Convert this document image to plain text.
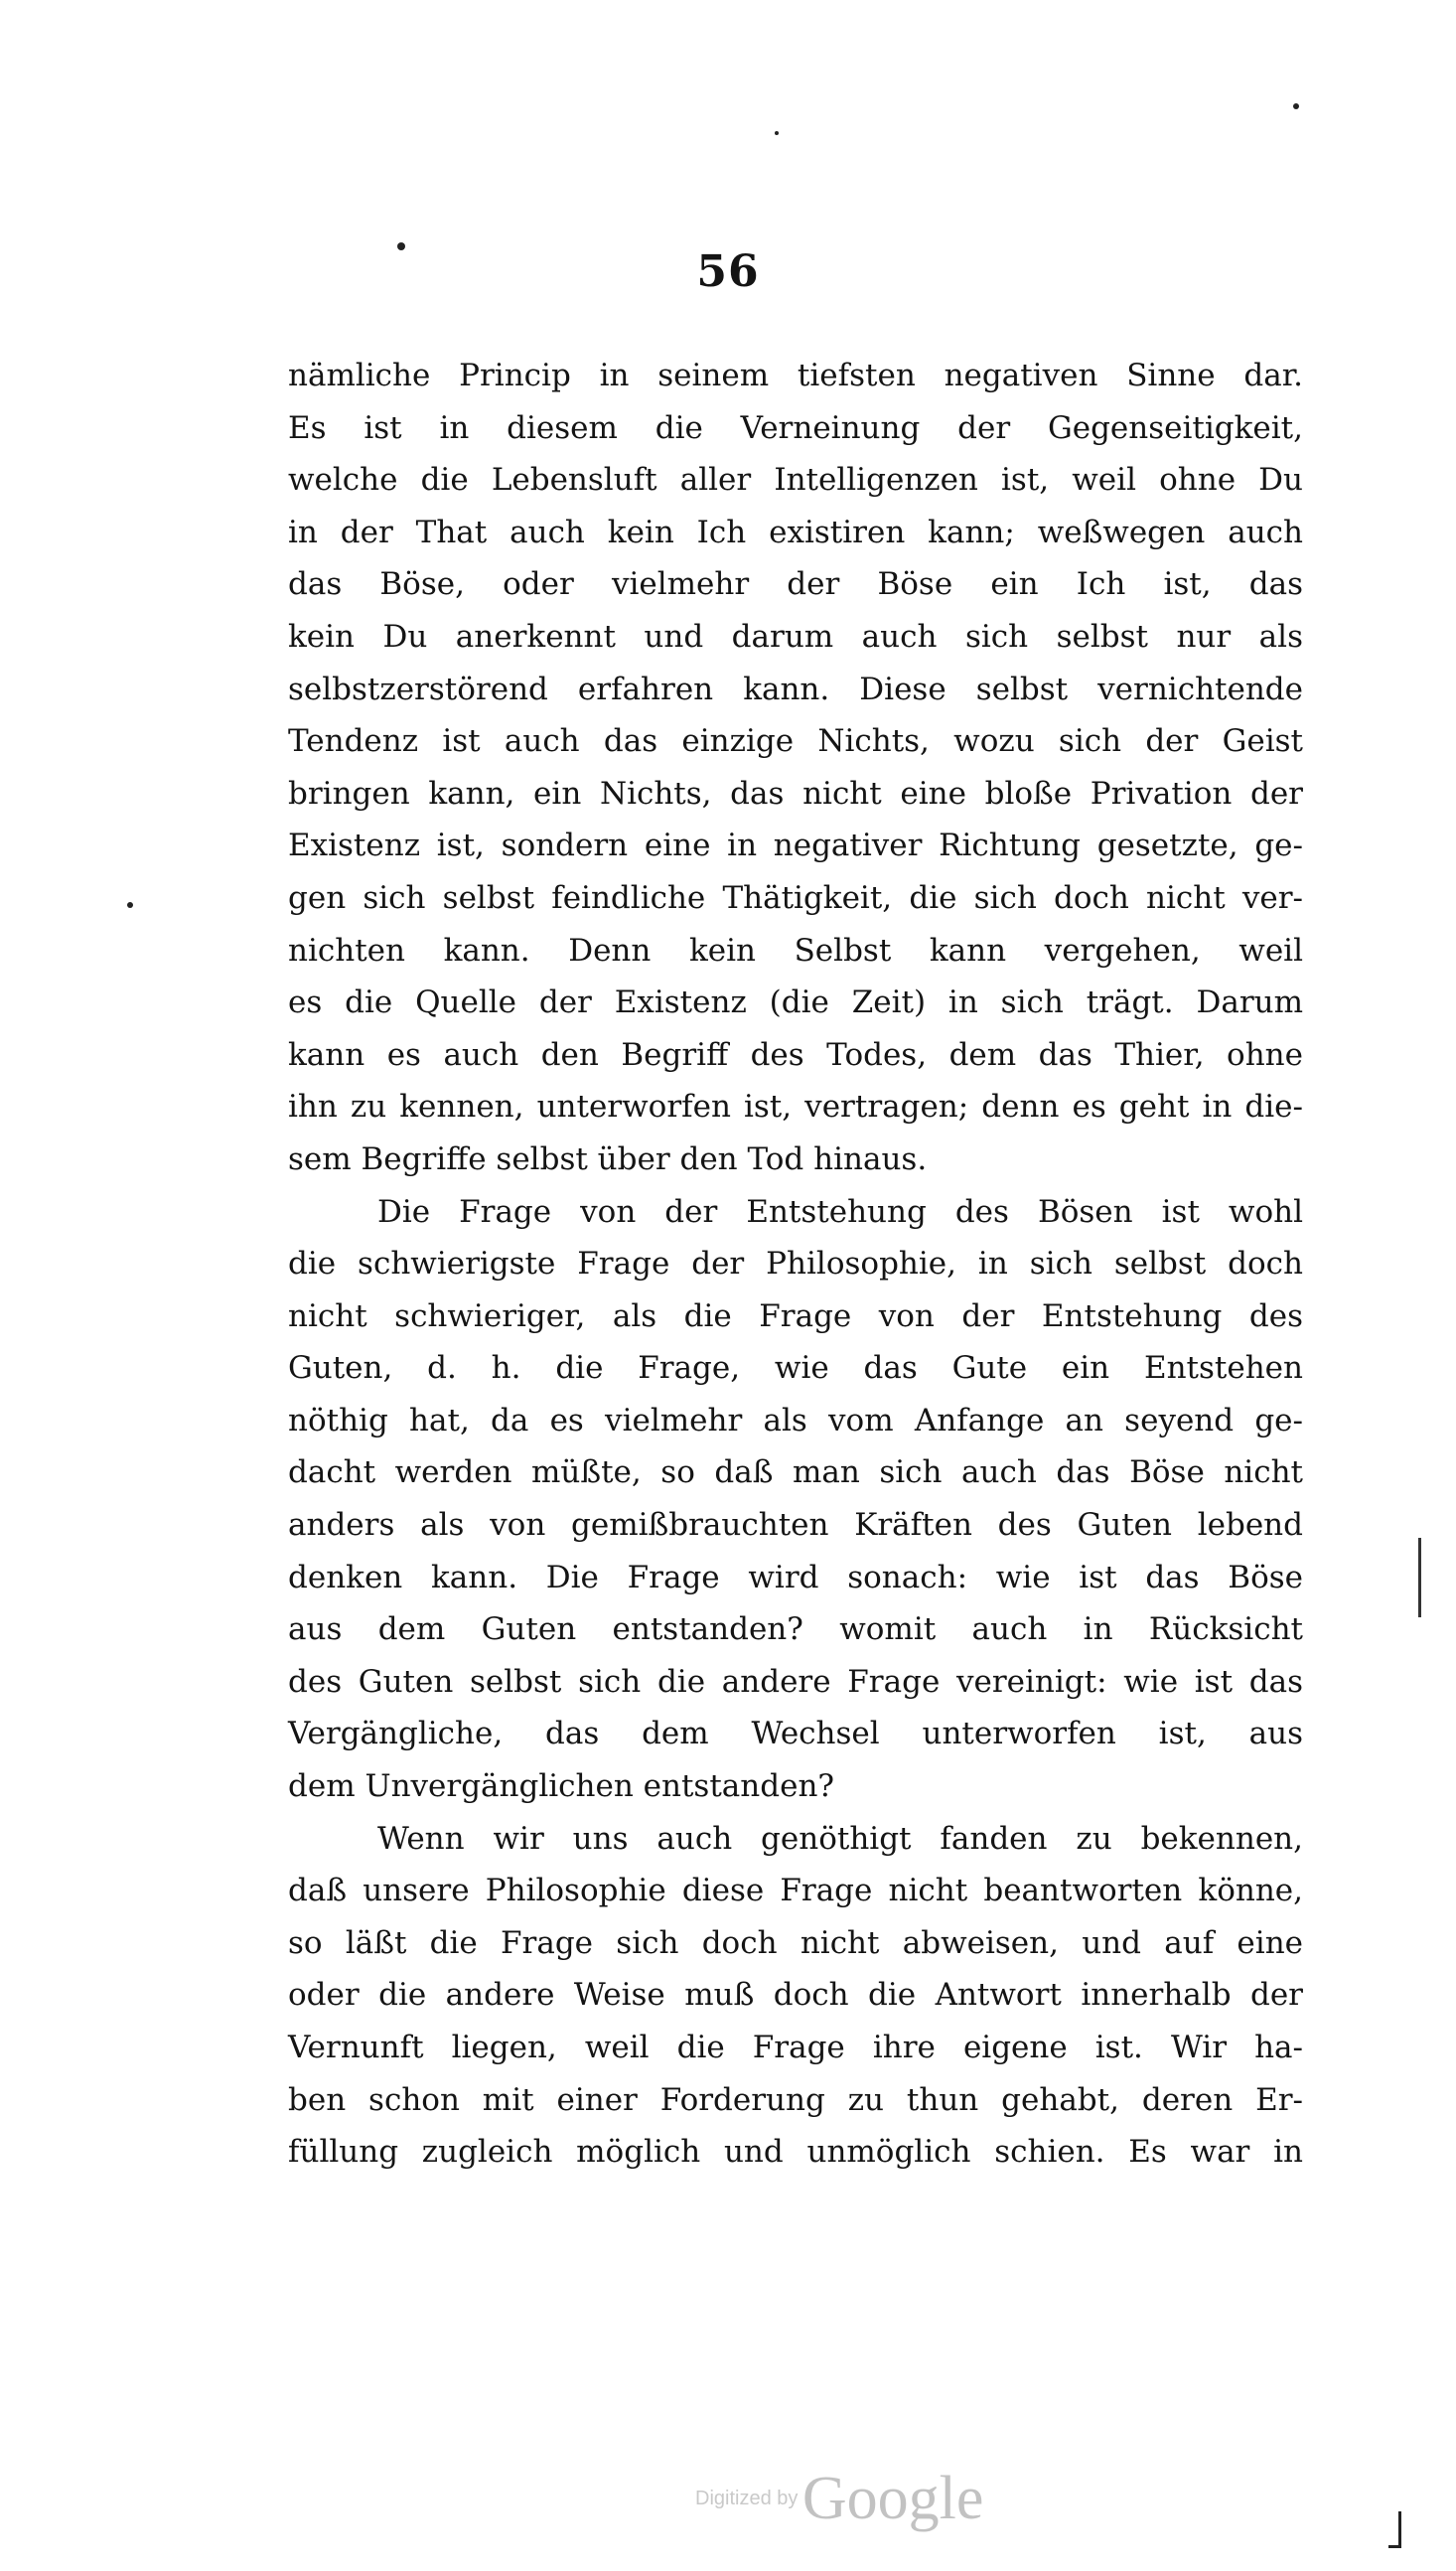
56
nämliche Princip in seinem tiefsten negativen Sinne dar.
Es ist in diesem die Verneinung der Gegenseitigkeit,
welche die Lebensluft aller Intelligenzen ist, weil ohne Du
in der That auch kein Ich existiren kann; weßwegen auch
das Böse, oder vielmehr der Böse ein Ich ist, das
kein Du anerkennt und darum auch sich selbst nur als
selbstzerstörend erfahren kann. Diese selbst vernichtende
Tendenz ist auch das einzige Nichts, wozu sich der Geist
bringen kann, ein Nichts, das nicht eine bloße Privation der
Existenz ist, sondern eine in negativer Richtung gesetzte, ge-
gen sich selbst feindliche Thätigkeit, die sich doch nicht ver-
nichten kann. Denn kein Selbst kann vergehen, weil
es die Quelle der Existenz (die Zeit) in sich trägt. Darum
kann es auch den Begriff des Todes, dem das Thier, ohne
ihn zu kennen, unterworfen ist, vertragen; denn es geht in die-
sem Begriffe selbst über den Tod hinaus.
Die Frage von der Entstehung des Bösen ist wohl
die schwierigste Frage der Philosophie, in sich selbst doch
nicht schwieriger, als die Frage von der Entstehung des
Guten, d. h. die Frage, wie das Gute ein Entstehen
nöthig hat, da es vielmehr als vom Anfange an seyend ge-
dacht werden müßte, so daß man sich auch das Böse nicht
anders als von gemißbrauchten Kräften des Guten lebend
denken kann. Die Frage wird sonach: wie ist das Böse
aus dem Guten entstanden? womit auch in Rücksicht
des Guten selbst sich die andere Frage vereinigt: wie ist das
Vergängliche, das dem Wechsel unterworfen ist, aus
dem Unvergänglichen entstanden?
Wenn wir uns auch genöthigt fanden zu bekennen,
daß unsere Philosophie diese Frage nicht beantworten könne,
so läßt die Frage sich doch nicht abweisen, und auf eine
oder die andere Weise muß doch die Antwort innerhalb der
Vernunft liegen, weil die Frage ihre eigene ist. Wir ha-
ben schon mit einer Forderung zu thun gehabt, deren Er-
füllung zugleich möglich und unmöglich schien. Es war in
Digitized by Google
